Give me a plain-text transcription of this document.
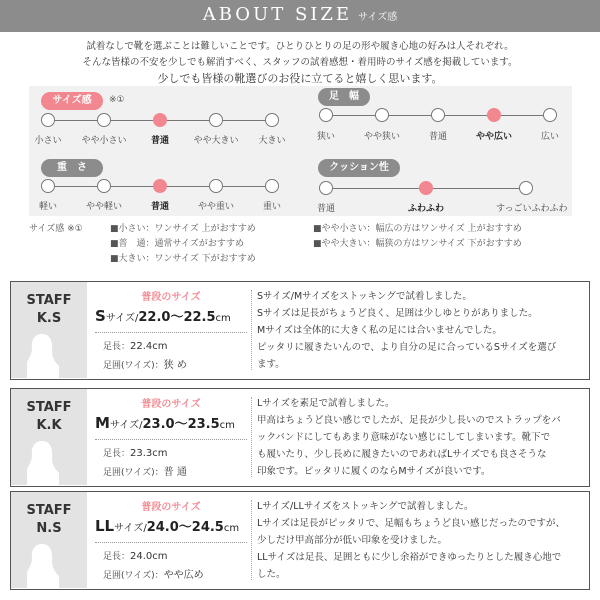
ABOUT SIZE サイズ感
試着なしで靴を選ぶことは難しいことです。ひとりひとりの足の形や履き心地の好みは人それぞれ。
そんな皆様の不安を少しでも解消すべく、スタッフの試着感想・着用時のサイズ感を掲載しています。
少しでも皆様の靴選びのお役に立てると嬉しく思います。
サイズ感	※①
小さい	やや小さい	普通	やや大きい	大きい
足　幅
狭い	やや狭い	普通	やや広い	広い
重　さ
軽い	やや軽い	普通	やや重い	重い
クッション性
普通	ふわふわ	すっごいふわふわ
サイズ感 ※①	■小さい：ワンサイズ 上がおすすめ
■普　通：通常サイズがおすすめ
■大きい：ワンサイズ 下がおすすめ
■やや小さい：幅広の方はワンサイズ 上がおすすめ
■やや大きい：幅狭の方はワンサイズ 下がおすすめ
STAFF
K.S
普段のサイズ
Sサイズ/22.0〜22.5cm
足長：22.4cm
足囲(ワイズ)：狭 め
Sサイズ/Mサイズをストッキングで試着しました。
Sサイズは足長がちょうど良く、足囲は少しゆとりがありました。
Mサイズは全体的に大きく私の足には合いませんでした。
ピッタリに履きたいんので、より自分の足に合っているSサイズを選び
ます。
STAFF
K.K
普段のサイズ
Mサイズ/23.0〜23.5cm
足長：23.3cm
足囲(ワイズ)：普 通
Lサイズを素足で試着しました。
甲高はちょうど良い感じでしたが、足長が少し長いのでストラップをバ
ックバンドにしてもあまり意味がない感じにしてしまいます。靴下で
も履いたり、少し長めに履きたいのであればLサイズでも良さそうな
印象です。ピッタリに履くのならMサイズが良いです。
STAFF
N.S
普段のサイズ
LLサイズ/24.0〜24.5cm
足長：24.0cm
足囲(ワイズ)：やや広め
Lサイズ/LLサイズをストッキングで試着しました。
Lサイズは足長がピッタリで、足幅もちょうど良い感じだったのですが、
少しだけ甲高部分が低い印象を受けました。
LLサイズは足長、足囲ともに少し余裕ができゆったりとした履き心地で
した。
